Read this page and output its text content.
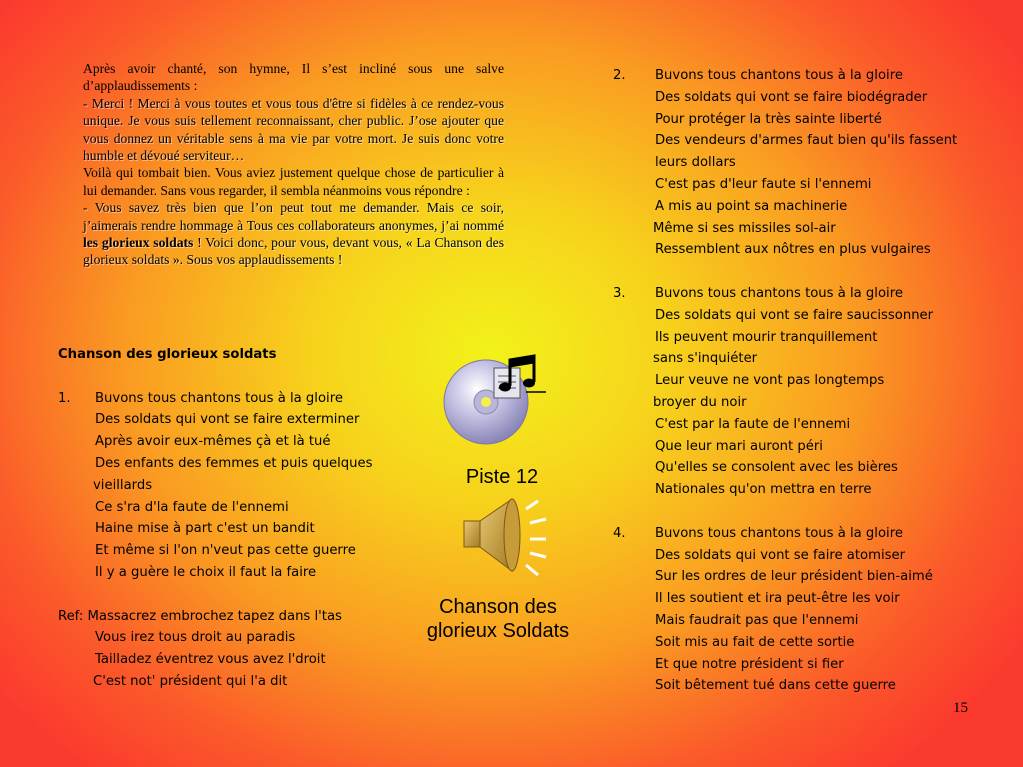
Après avoir chanté, son hymne, Il s’est incliné sous une salve d’applaudissements :

- Merci ! Merci à vous toutes et vous tous d'être si fidèles à ce rendez-vous unique. Je vous suis tellement reconnaissant, cher public. J’ose ajouter que vous donnez un véritable sens à ma vie par votre mort. Je suis donc votre humble et dévoué serviteur…

Voilà qui tombait bien. Vous aviez justement quelque chose de particulier à lui demander. Sans vous regarder, il sembla néanmoins vous répondre :

- Vous savez très bien que l’on peut tout me demander. Mais ce soir, j’aimerais rendre hommage à Tous ces collaborateurs anonymes, j’ai nommé les glorieux soldats ! Voici donc, pour vous, devant vous, « La Chanson des glorieux soldats ». Sous vos applaudissements !

Chanson des glorieux soldats
1. Buvons tous chantons tous à la gloire
Des soldats qui vont se faire exterminer
Après avoir eux-mêmes çà et là tué
Des enfants des femmes et puis quelques
vieillards
Ce s'ra d'la faute de l'ennemi
Haine mise à part c'est un bandit
Et même si l'on n'veut pas cette guerre
Il y a guère le choix il faut la faire
Ref: Massacrez embrochez tapez dans l'tas
Vous irez tous droit au paradis
Tailladez éventrez vous avez l'droit
C'est not' président qui l'a dit
2. Buvons tous chantons tous à la gloire
Des soldats qui vont se faire biodégrader
Pour protéger la très sainte liberté
Des vendeurs d'armes faut bien qu'ils fassent
leurs dollars
C'est pas d'leur faute si l'ennemi
A mis au point sa machinerie
Même si ses missiles sol-air
Ressemblent aux nôtres en plus vulgaires
3. Buvons tous chantons tous à la gloire
Des soldats qui vont se faire saucissonner
Ils peuvent mourir tranquillement
sans s'inquiéter
Leur veuve ne vont pas longtemps
broyer du noir
C'est par la faute de l'ennemi
Que leur mari auront péri
Qu'elles se consolent avec les bières
Nationales qu'on mettra en terre
4. Buvons tous chantons tous à la gloire
Des soldats qui vont se faire atomiser
Sur les ordres de leur président bien-aimé
Il les soutient et ira peut-être les voir
Mais faudrait pas que l'ennemi
Soit mis au fait de cette sortie
Et que notre président si fier
Soit bêtement tué dans cette guerre
Piste 12
Chanson des
glorieux Soldats
15
